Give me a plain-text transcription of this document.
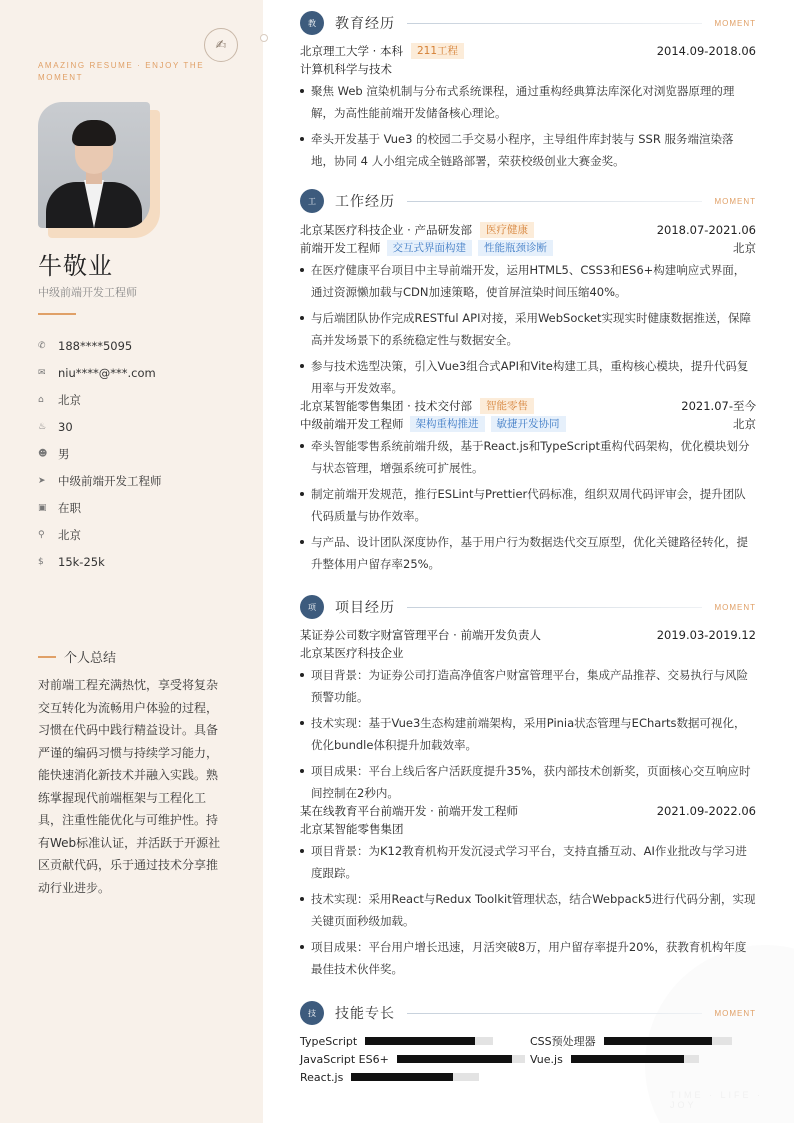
✍
AMAZING RESUME · ENJOY THE MOMENT
牛敬业
中级前端开发工程师
✆	188****5095
✉	niu****@***.com
⌂	北京
♨	30
☻ 男
➤	中级前端开发工程师
▣ 在职
⚲	北京
$	15k-25k
个人总结
对前端工程充满热忱，享受将复杂交互转化为流畅用户体验的过程，习惯在代码中践行精益设计。具备严谨的编码习惯与持续学习能力，能快速消化新技术并融入实践。熟练掌握现代前端框架与工程化工具，注重性能优化与可维护性。持有Web标准认证，并活跃于开源社区贡献代码，乐于通过技术分享推动行业进步。
教	教育经历	MOMENT
北京理工大学 · 本科	211工程	2014.09-2018.06
计算机科学与技术
聚焦 Web 渲染机制与分布式系统课程，通过重构经典算法库深化对浏览器原理的理解，为高性能前端开发储备核心理论。
牵头开发基于 Vue3 的校园二手交易小程序，主导组件库封装与 SSR 服务端渲染落地，协同 4 人小组完成全链路部署，荣获校级创业大赛金奖。
工	工作经历	MOMENT
北京某医疗科技企业 · 产品研发部	医疗健康	2018.07-2021.06
前端开发工程师	交互式界面构建	性能瓶颈诊断	北京
在医疗健康平台项目中主导前端开发，运用HTML5、CSS3和ES6+构建响应式界面，通过资源懒加载与CDN加速策略，使首屏渲染时间压缩40%。
与后端团队协作完成RESTful API对接，采用WebSocket实现实时健康数据推送，保障高并发场景下的系统稳定性与数据安全。
参与技术选型决策，引入Vue3组合式API和Vite构建工具，重构核心模块，提升代码复用率与开发效率。
北京某智能零售集团 · 技术交付部	智能零售	2021.07-至今
中级前端开发工程师	架构重构推进	敏捷开发协同	北京
牵头智能零售系统前端升级，基于React.js和TypeScript重构代码架构，优化模块划分与状态管理，增强系统可扩展性。
制定前端开发规范，推行ESLint与Prettier代码标准，组织双周代码评审会，提升团队代码质量与协作效率。
与产品、设计团队深度协作，基于用户行为数据迭代交互原型，优化关键路径转化，提升整体用户留存率25%。
项	项目经历	MOMENT
某证券公司数字财富管理平台 · 前端开发负责人	2019.03-2019.12
北京某医疗科技企业
项目背景：为证券公司打造高净值客户财富管理平台，集成产品推荐、交易执行与风险预警功能。
技术实现：基于Vue3生态构建前端架构，采用Pinia状态管理与ECharts数据可视化，优化bundle体积提升加载效率。
项目成果：平台上线后客户活跃度提升35%，获内部技术创新奖，页面核心交互响应时间控制在2秒内。
某在线教育平台前端开发 · 前端开发工程师	2021.09-2022.06
北京某智能零售集团
项目背景：为K12教育机构开发沉浸式学习平台，支持直播互动、AI作业批改与学习进度跟踪。
技术实现：采用React与Redux Toolkit管理状态，结合Webpack5进行代码分割，实现关键页面秒级加载。
项目成果：平台用户增长迅速，月活突破8万，用户留存率提升20%，获教育机构年度最佳技术伙伴奖。
技	技能专长	MOMENT
TypeScript	CSS预处理器
JavaScript ES6+	Vue.js
React.js
TIME · LIFE · JOY
